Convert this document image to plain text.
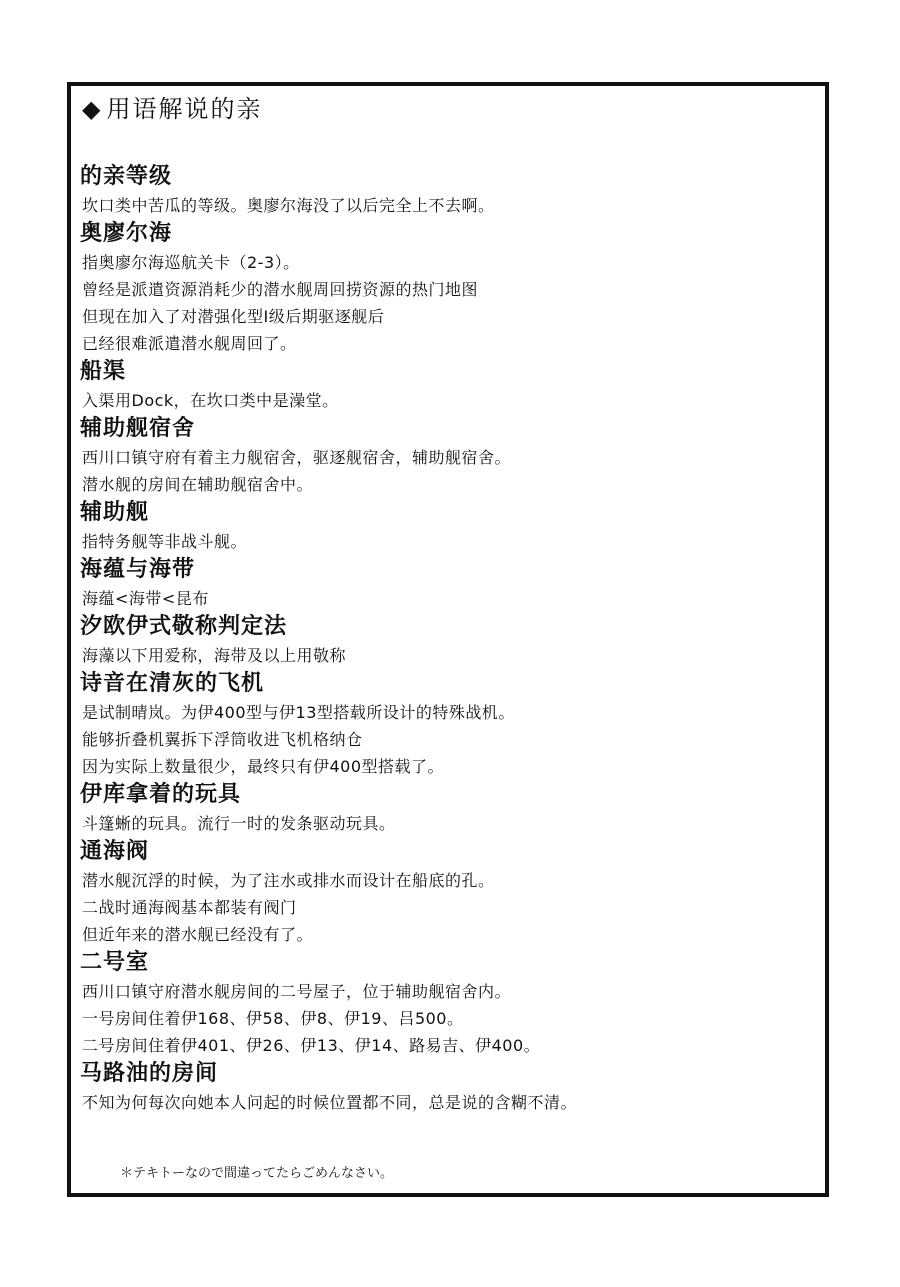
◆ 用语解说的亲
的亲等级
坎口类中苦瓜的等级。奥廖尔海没了以后完全上不去啊。
奥廖尔海
指奥廖尔海巡航关卡（2-3）。
曾经是派遣资源消耗少的潜水舰周回捞资源的热门地图
但现在加入了对潜强化型Ⅰ级后期驱逐舰后
已经很难派遣潜水舰周回了。
船渠
入渠用Dock，在坎口类中是澡堂。
辅助舰宿舍
西川口镇守府有着主力舰宿舍，驱逐舰宿舍，辅助舰宿舍。
潜水舰的房间在辅助舰宿舍中。
辅助舰
指特务舰等非战斗舰。
海蕴与海带
海蕴<海带<昆布
汐欧伊式敬称判定法
海藻以下用爱称，海带及以上用敬称
诗音在清灰的飞机
是试制晴岚。为伊400型与伊13型搭载所设计的特殊战机。
能够折叠机翼拆下浮筒收进飞机格纳仓
因为实际上数量很少，最终只有伊400型搭载了。
伊库拿着的玩具
斗篷蜥的玩具。流行一时的发条驱动玩具。
通海阀
潜水舰沉浮的时候，为了注水或排水而设计在船底的孔。
二战时通海阀基本都装有阀门
但近年来的潜水舰已经没有了。
二号室
西川口镇守府潜水舰房间的二号屋子，位于辅助舰宿舍内。
一号房间住着伊168、伊58、伊8、伊19、吕500。
二号房间住着伊401、伊26、伊13、伊14、路易吉、伊400。
马路油的房间
不知为何每次向她本人问起的时候位置都不同，总是说的含糊不清。
＊テキトーなので間違ってたらごめんなさい。
